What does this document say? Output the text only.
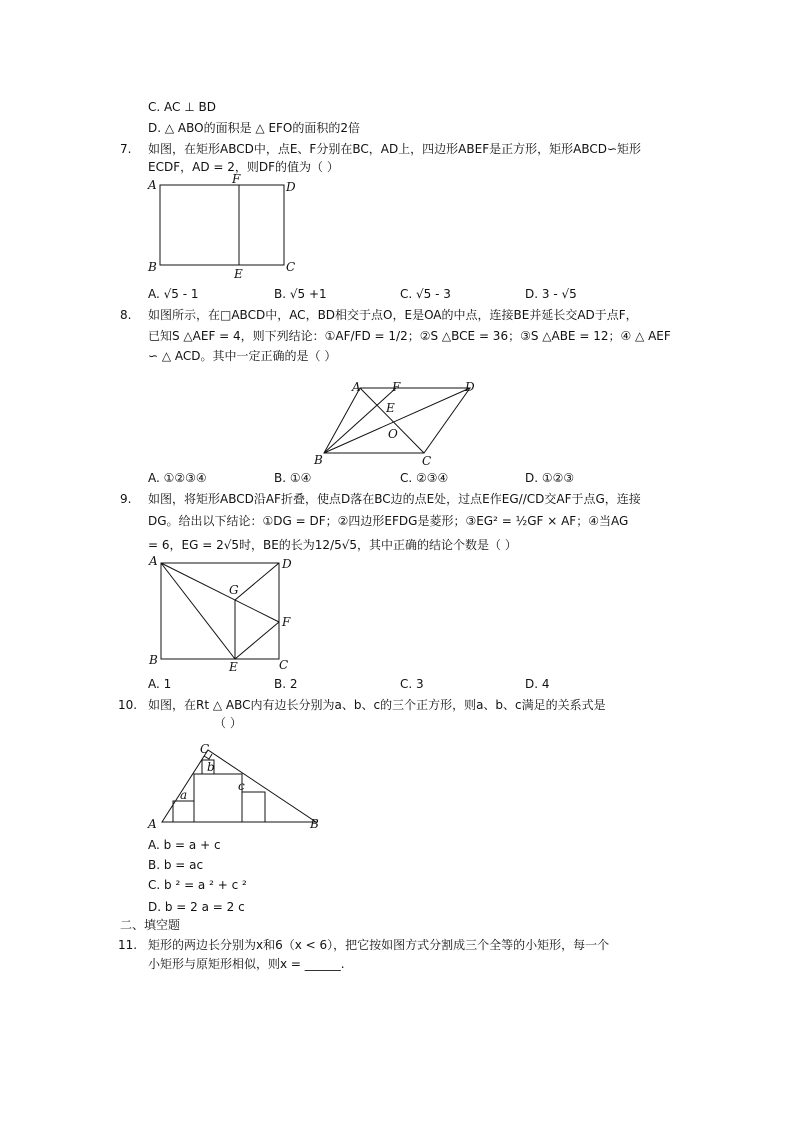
C. AC ⊥ BD
D. △ ABO的面积是 △ EFO的面积的2倍
7. 如图，在矩形ABCD中，点E、F分别在BC，AD上，四边形ABEF是正方形，矩形ABCD∽矩形
ECDF，AD = 2，则DF的值为（ ）
A	F
D
B	E	C
A. √5 - 1	B. √5 +1	C. √5 - 3	D. 3 - √5
8. 如图所示，在□ABCD中，AC，BD相交于点O，E是OA的中点，连接BE并延长交AD于点F，
已知S △AEF = 4，则下列结论：①AF/FD = 1/2；②S △BCE = 36；③S △ABE = 12；④ △ AEF
∽ △ ACD。其中一定正确的是（ ）
A	F	D
E
O
B	C
A. ①②③④	B. ①④	C. ②③④	D. ①②③
9. 如图，将矩形ABCD沿AF折叠，使点D落在BC边的点E处，过点E作EG//CD交AF于点G，连接
DG。给出以下结论：①DG = DF；②四边形EFDG是菱形；③EG² = ½GF × AF；④当AG
= 6，EG = 2√5时，BE的长为12/5√5，其中正确的结论个数是（ ）
A	D
G
F
B	E	C
A. 1	B. 2	C. 3	D. 4
10. 如图，在Rt △ ABC内有边长分别为a、b、c的三个正方形，则a、b、c满足的关系式是
（ ）
C
b
a
c
A	B
A. b = a + c
B. b = ac
C. b ² = a ² + c ²
D. b = 2 a = 2 c
二、填空题
11. 矩形的两边长分别为x和6（x < 6），把它按如图方式分割成三个全等的小矩形，每一个
小矩形与原矩形相似，则x = ______.
